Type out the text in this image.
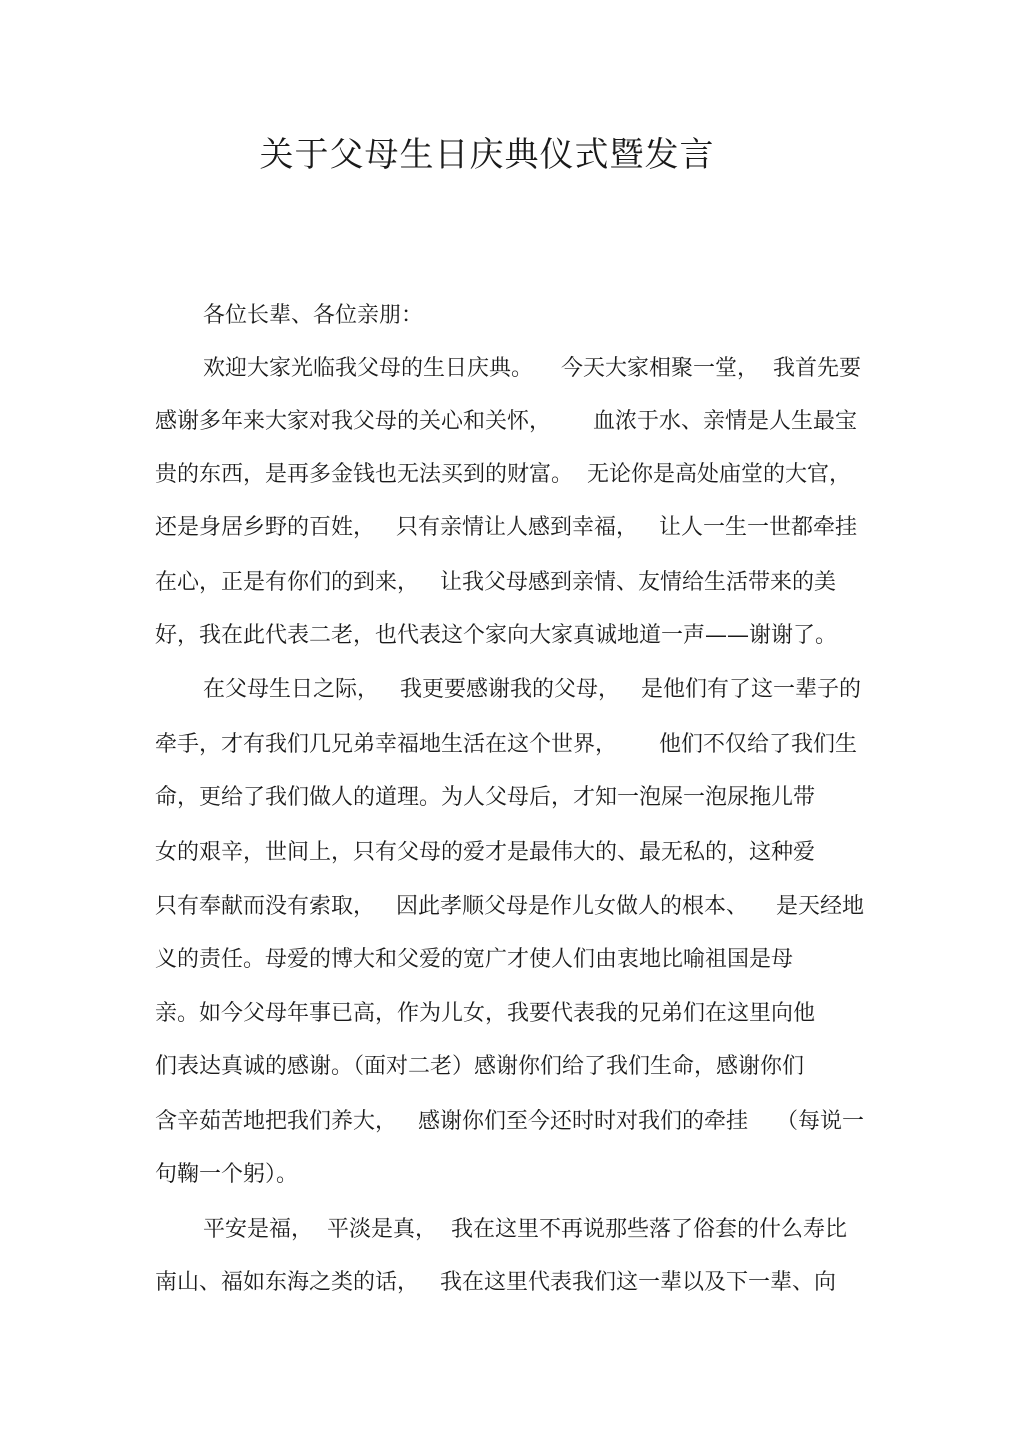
关于父母生日庆典仪式暨发言
各位长辈、各位亲朋：
欢迎大家光临我父母的生日庆典。    今天大家相聚一堂，  我首先要
感谢多年来大家对我父母的关心和关怀，      血浓于水、亲情是人生最宝
贵的东西，是再多金钱也无法买到的财富。  无论你是高处庙堂的大官，
还是身居乡野的百姓，   只有亲情让人感到幸福，   让人一生一世都牵挂
在心，正是有你们的到来，   让我父母感到亲情、友情给生活带来的美
好，我在此代表二老，也代表这个家向大家真诚地道一声——谢谢了。
在父母生日之际，   我更要感谢我的父母，   是他们有了这一辈子的
牵手，才有我们几兄弟幸福地生活在这个世界，      他们不仅给了我们生
命，更给了我们做人的道理。为人父母后，才知一泡屎一泡尿拖儿带
女的艰辛，世间上，只有父母的爱才是最伟大的、最无私的，这种爱
只有奉献而没有索取，   因此孝顺父母是作儿女做人的根本、    是天经地
义的责任。母爱的博大和父爱的宽广才使人们由衷地比喻祖国是母
亲。如今父母年事已高，作为儿女，我要代表我的兄弟们在这里向他
们表达真诚的感谢。（面对二老）感谢你们给了我们生命，感谢你们
含辛茹苦地把我们养大，   感谢你们至今还时时对我们的牵挂    （每说一
句鞠一个躬）。
平安是福，  平淡是真，  我在这里不再说那些落了俗套的什么寿比
南山、福如东海之类的话，   我在这里代表我们这一辈以及下一辈、向
